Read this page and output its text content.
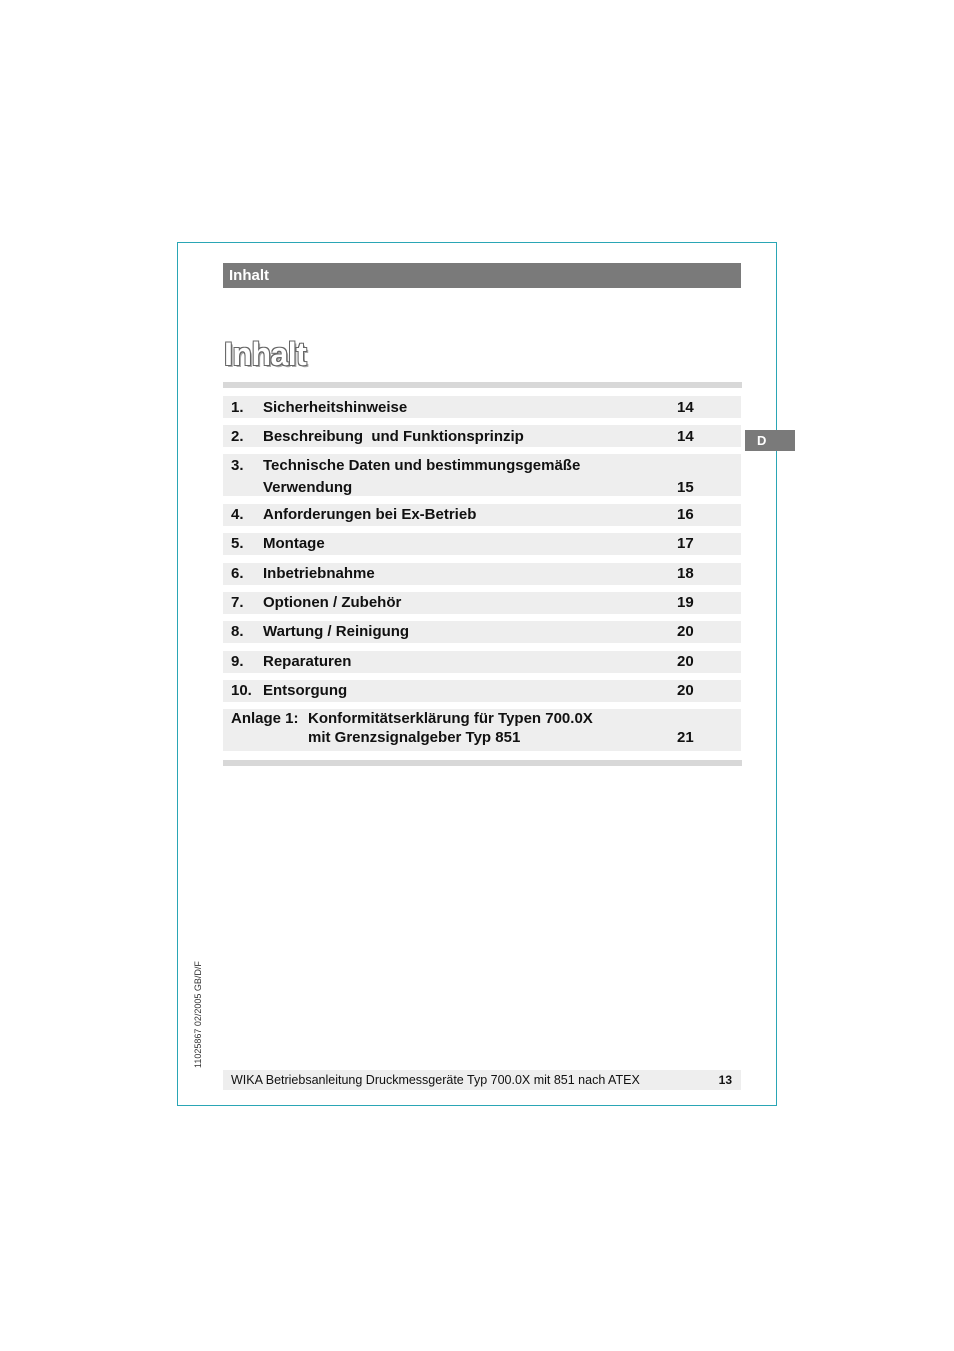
Inhalt
Inhalt
1. Sicherheitshinweise	14
2. Beschreibung  und Funktionsprinzip	14
3. Technische Daten und bestimmungsgemäße
Verwendung	15
4. Anforderungen bei Ex-Betrieb	16
5. Montage	17
6. Inbetriebnahme	18
7. Optionen / Zubehör	19
8. Wartung / Reinigung	20
9. Reparaturen	20
10. Entsorgung	20
Anlage 1: Konformitätserklärung für Typen 700.0X
mit Grenzsignalgeber Typ 851	21
D
11025867 02/2005 GB/D/F
WIKA Betriebsanleitung Druckmessgeräte Typ 700.0X mit 851 nach ATEX	13
